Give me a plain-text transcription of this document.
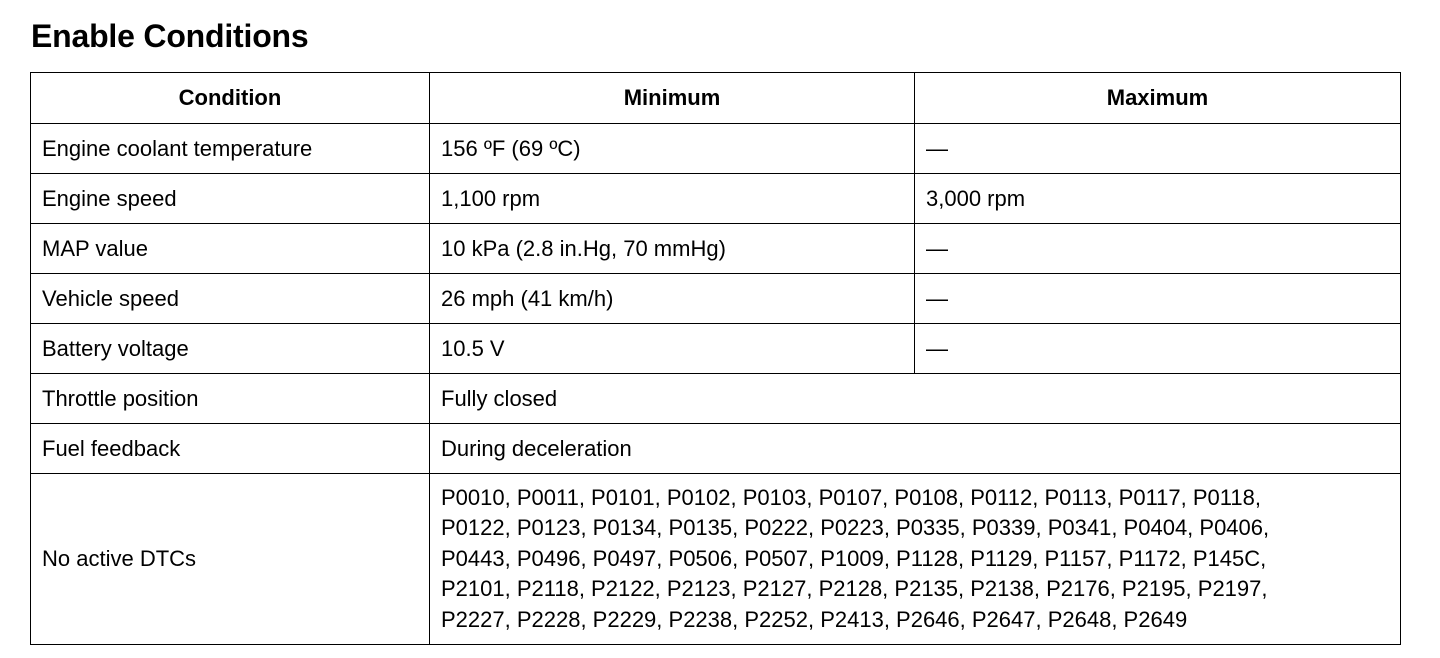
Enable Conditions
Condition	Minimum	Maximum
Engine coolant temperature	156 ºF (69 ºC)	—
Engine speed	1,100 rpm	3,000 rpm
MAP value	10 kPa (2.8 in.Hg, 70 mmHg)	—
Vehicle speed	26 mph (41 km/h)	—
Battery voltage	10.5 V	—
Throttle position	Fully closed	
Fuel feedback	During deceleration	
No active DTCs	P0010, P0011, P0101, P0102, P0103, P0107, P0108, P0112, P0113, P0117, P0118,
P0122, P0123, P0134, P0135, P0222, P0223, P0335, P0339, P0341, P0404, P0406,
P0443, P0496, P0497, P0506, P0507, P1009, P1128, P1129, P1157, P1172, P145C,
P2101, P2118, P2122, P2123, P2127, P2128, P2135, P2138, P2176, P2195, P2197,
P2227, P2228, P2229, P2238, P2252, P2413, P2646, P2647, P2648, P2649	
